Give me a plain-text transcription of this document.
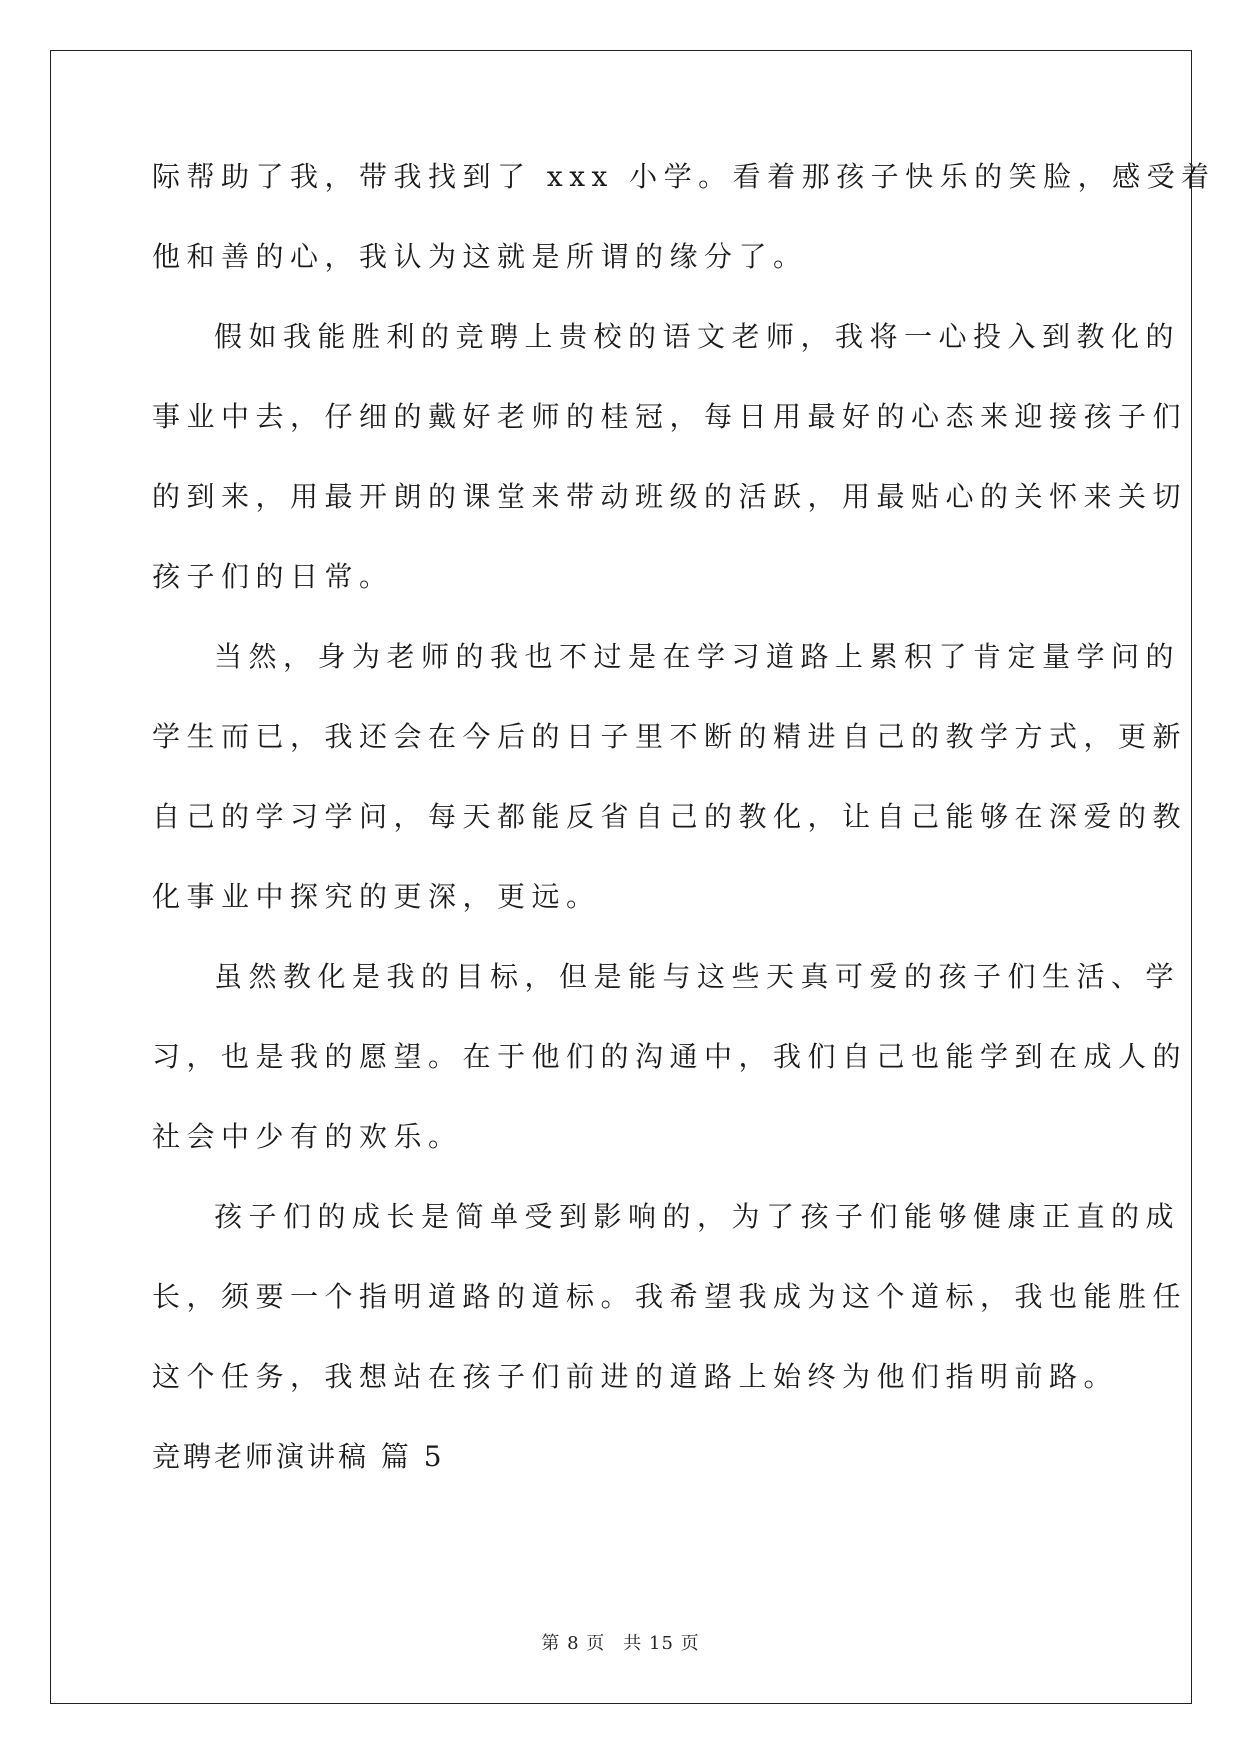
际帮助了我，带我找到了 xxx 小学。看着那孩子快乐的笑脸，感受着
他和善的心，我认为这就是所谓的缘分了。
假如我能胜利的竞聘上贵校的语文老师，我将一心投入到教化的
事业中去，仔细的戴好老师的桂冠，每日用最好的心态来迎接孩子们
的到来，用最开朗的课堂来带动班级的活跃，用最贴心的关怀来关切
孩子们的日常。
当然，身为老师的我也不过是在学习道路上累积了肯定量学问的
学生而已，我还会在今后的日子里不断的精进自己的教学方式，更新
自己的学习学问，每天都能反省自己的教化，让自己能够在深爱的教
化事业中探究的更深，更远。
虽然教化是我的目标，但是能与这些天真可爱的孩子们生活、学
习，也是我的愿望。在于他们的沟通中，我们自己也能学到在成人的
社会中少有的欢乐。
孩子们的成长是简单受到影响的，为了孩子们能够健康正直的成
长，须要一个指明道路的道标。我希望我成为这个道标，我也能胜任
这个任务，我想站在孩子们前进的道路上始终为他们指明前路。
竞聘老师演讲稿 篇 5
第 8 页 共 15 页
